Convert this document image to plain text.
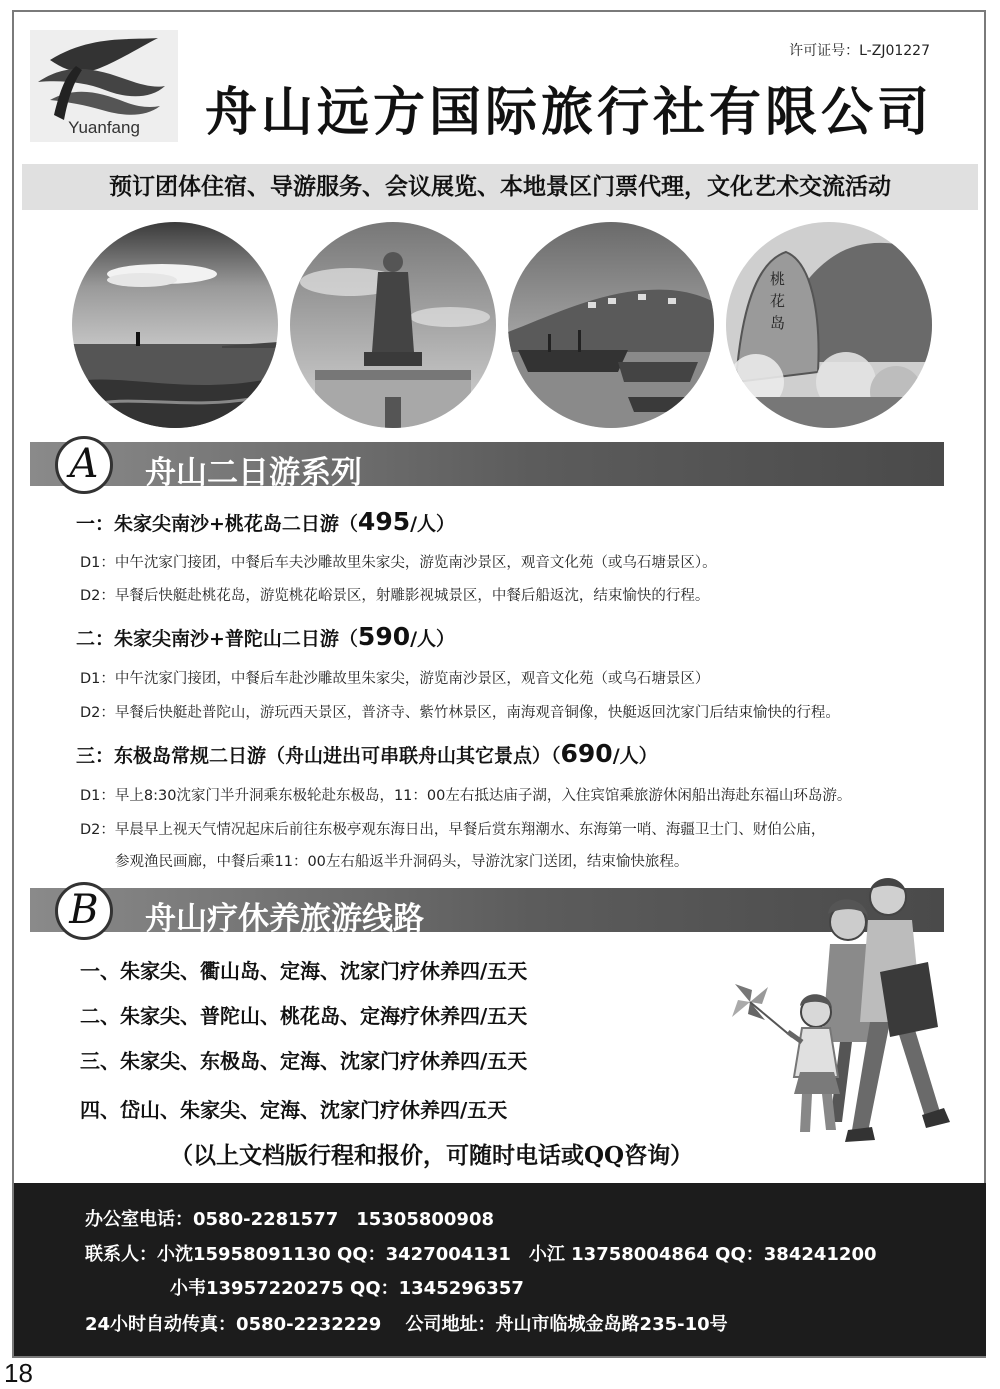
Yuanfang
许可证号：L-ZJ01227
舟山远方国际旅行社有限公司
预订团体住宿、导游服务、会议展览、本地景区门票代理，文化艺术交流活动
桃
花
岛
A	舟山二日游系列
一：朱家尖南沙+桃花岛二日游（495/人）
D1：中午沈家门接团，中餐后车夫沙雕故里朱家尖，游览南沙景区，观音文化苑（或乌石塘景区）。
D2：早餐后快艇赴桃花岛，游览桃花峪景区，射雕影视城景区，中餐后船返沈，结束愉快的行程。
二：朱家尖南沙+普陀山二日游（590/人）
D1：中午沈家门接团，中餐后车赴沙雕故里朱家尖，游览南沙景区，观音文化苑（或乌石塘景区）
D2：早餐后快艇赴普陀山，游玩西天景区，普济寺、紫竹林景区，南海观音铜像，快艇返回沈家门后结束愉快的行程。
三：东极岛常规二日游（舟山进出可串联舟山其它景点）（690/人）
D1：早上8:30沈家门半升洞乘东极轮赴东极岛，11：00左右抵达庙子湖，入住宾馆乘旅游休闲船出海赴东福山环岛游。
D2：早晨早上视天气情况起床后前往东极亭观东海日出，早餐后赏东翔潮水、东海第一哨、海疆卫士门、财伯公庙，
参观渔民画廊，中餐后乘11：00左右船返半升洞码头，导游沈家门送团，结束愉快旅程。
B	舟山疗休养旅游线路
一、朱家尖、衢山岛、定海、沈家门疗休养四/五天
二、朱家尖、普陀山、桃花岛、定海疗休养四/五天
三、朱家尖、东极岛、定海、沈家门疗休养四/五天
四、岱山、朱家尖、定海、沈家门疗休养四/五天
（以上文档版行程和报价，可随时电话或QQ咨询）
办公室电话：0580-2281577　15305800908
联系人：小沈15958091130 QQ：3427004131　小江 13758004864 QQ：384241200
小韦13957220275 QQ：1345296357
24小时自动传真：0580-2232229　 公司地址：舟山市临城金岛路235-10号
18
